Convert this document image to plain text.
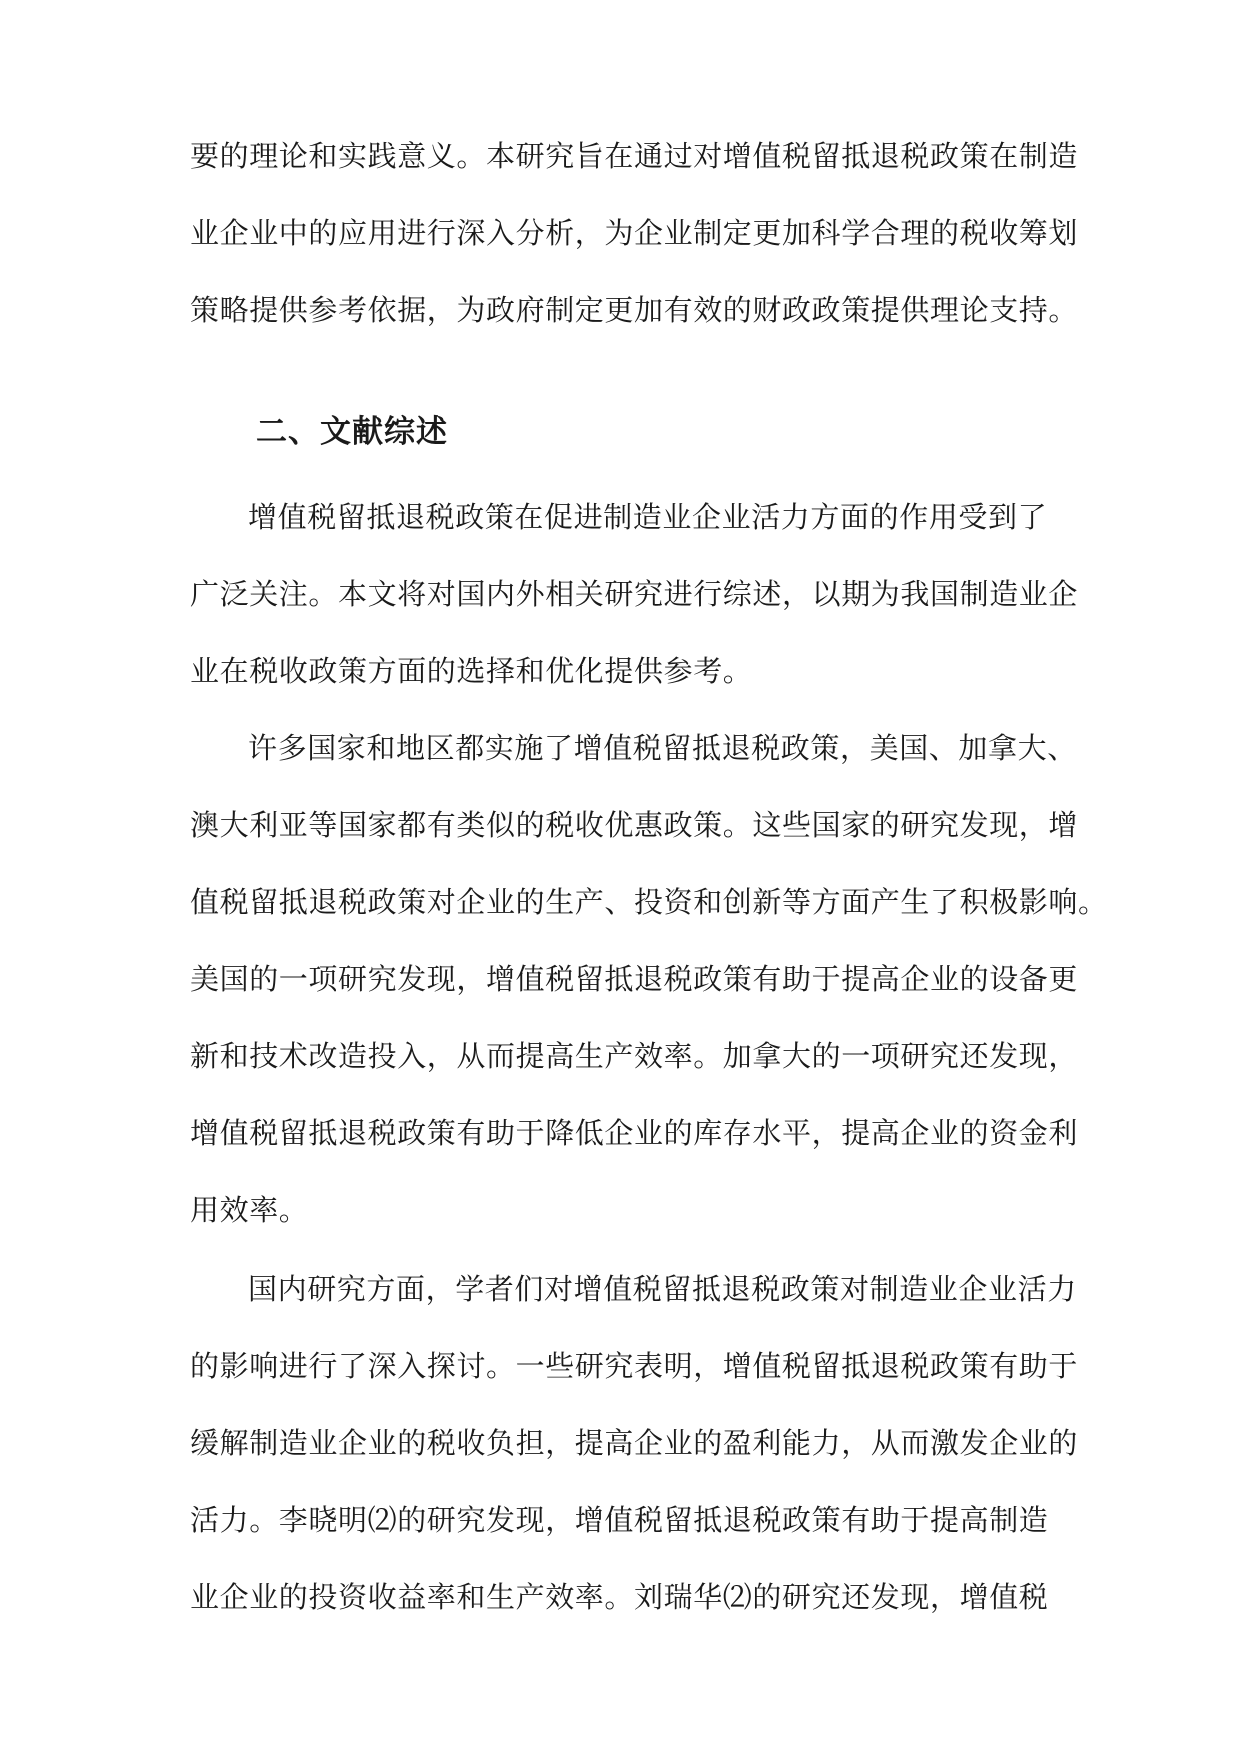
要的理论和实践意义。本研究旨在通过对增值税留抵退税政策在制造
业企业中的应用进行深入分析，为企业制定更加科学合理的税收筹划
策略提供参考依据，为政府制定更加有效的财政政策提供理论支持。
二、文献综述
增值税留抵退税政策在促进制造业企业活力方面的作用受到了
广泛关注。本文将对国内外相关研究进行综述，以期为我国制造业企
业在税收政策方面的选择和优化提供参考。
许多国家和地区都实施了增值税留抵退税政策，美国、加拿大、
澳大利亚等国家都有类似的税收优惠政策。这些国家的研究发现，增
值税留抵退税政策对企业的生产、投资和创新等方面产生了积极影响。
美国的一项研究发现，增值税留抵退税政策有助于提高企业的设备更
新和技术改造投入，从而提高生产效率。加拿大的一项研究还发现，
增值税留抵退税政策有助于降低企业的库存水平，提高企业的资金利
用效率。
国内研究方面，学者们对增值税留抵退税政策对制造业企业活力
的影响进行了深入探讨。一些研究表明，增值税留抵退税政策有助于
缓解制造业企业的税收负担，提高企业的盈利能力，从而激发企业的
活力。李晓明⑵的研究发现，增值税留抵退税政策有助于提高制造
业企业的投资收益率和生产效率。刘瑞华⑵的研究还发现，增值税
